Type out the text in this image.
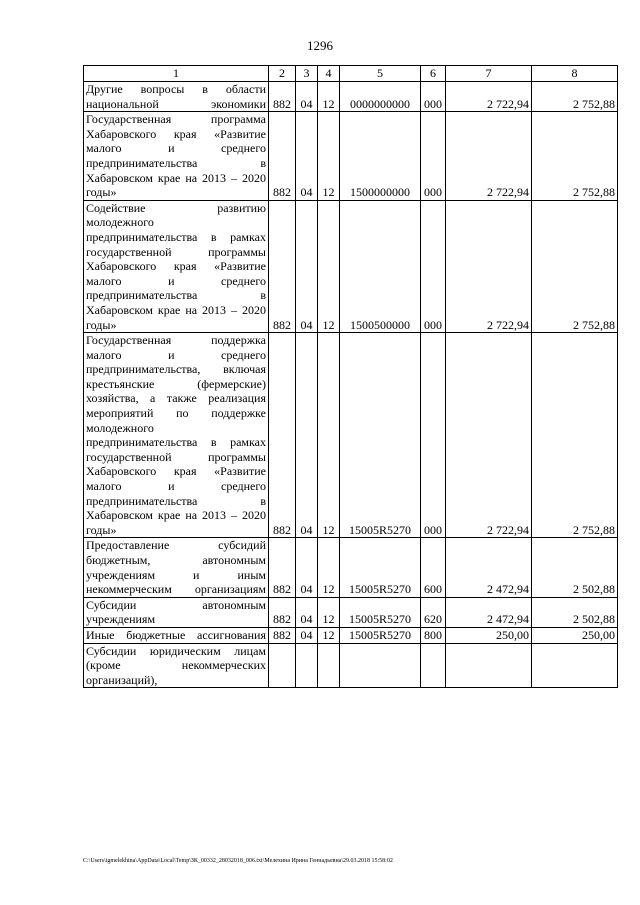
1296
1	2	3	4	5	6	7	8
Другие вопросы в области национальной экономики	882	04	12	0000000000	000	2 722,94	2 752,88
Государственная программа Хабаровского края «Развитие малого и среднего предпринимательства в Хабаровском крае на 2013 – 2020 годы»	882	04	12	1500000000	000	2 722,94	2 752,88
Содействие развитию молодежного предпринимательства в рамках государственной программы Хабаровского края «Развитие малого и среднего предпринимательства в Хабаровском крае на 2013 – 2020 годы»	882	04	12	1500500000	000	2 722,94	2 752,88
Государственная поддержка малого и среднего предпринимательства, включая крестьянские (фермерские) хозяйства, а также реализация мероприятий по поддержке молодежного предпринимательства в рамках государственной программы Хабаровского края «Развитие малого и среднего предпринимательства в Хабаровском крае на 2013 – 2020 годы»	882	04	12	15005R5270	000	2 722,94	2 752,88
Предоставление субсидий бюджетным, автономным учреждениям и иным некоммерческим организациям	882	04	12	15005R5270	600	2 472,94	2 502,88
Субсидии автономным учреждениям	882	04	12	15005R5270	620	2 472,94	2 502,88
Иные бюджетные ассигнования	882	04	12	15005R5270	800	250,00	250,00
Субсидии юридическим лицам (кроме некоммерческих организаций),							
C:\Users\igmelekhina\AppData\Local\Temp\ЗК_00332_28032018_006.txt\Мелехина Ирина Геннадьевна\29.03.2018 15:58:02
